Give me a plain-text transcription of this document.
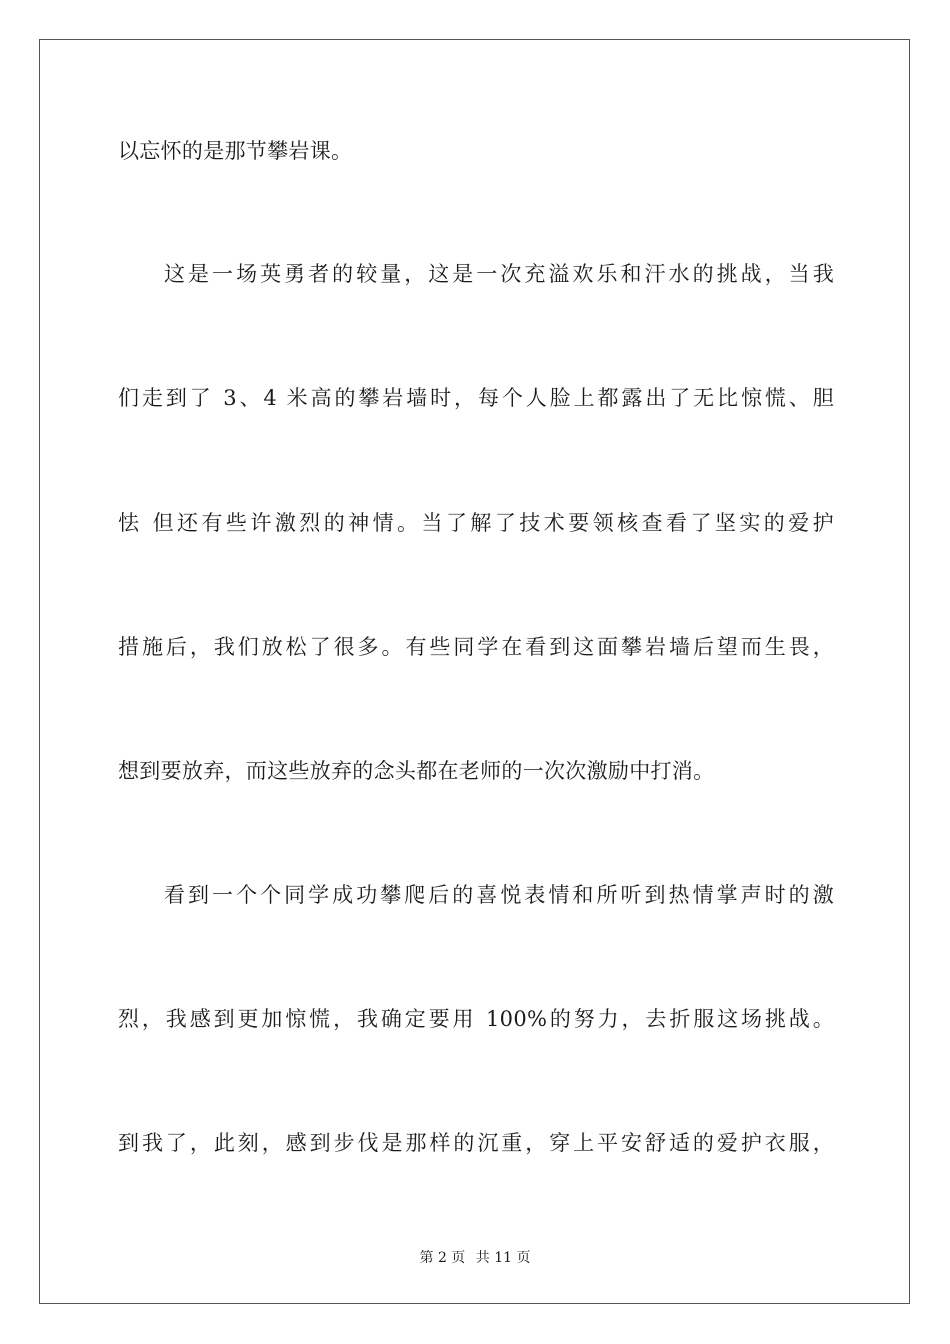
以忘怀的是那节攀岩课。
这是一场英勇者的较量，这是一次充溢欢乐和汗水的挑战，当我
们走到了 3、4 米高的攀岩墙时，每个人脸上都露出了无比惊慌、胆
怯 但还有些许激烈的神情。当了解了技术要领核查看了坚实的爱护
措施后，我们放松了很多。有些同学在看到这面攀岩墙后望而生畏，
想到要放弃，而这些放弃的念头都在老师的一次次激励中打消。
看到一个个同学成功攀爬后的喜悦表情和所听到热情掌声时的激
烈，我感到更加惊慌，我确定要用 100%的努力，去折服这场挑战。
到我了，此刻，感到步伐是那样的沉重，穿上平安舒适的爱护衣服，
第 2 页 共 11 页
